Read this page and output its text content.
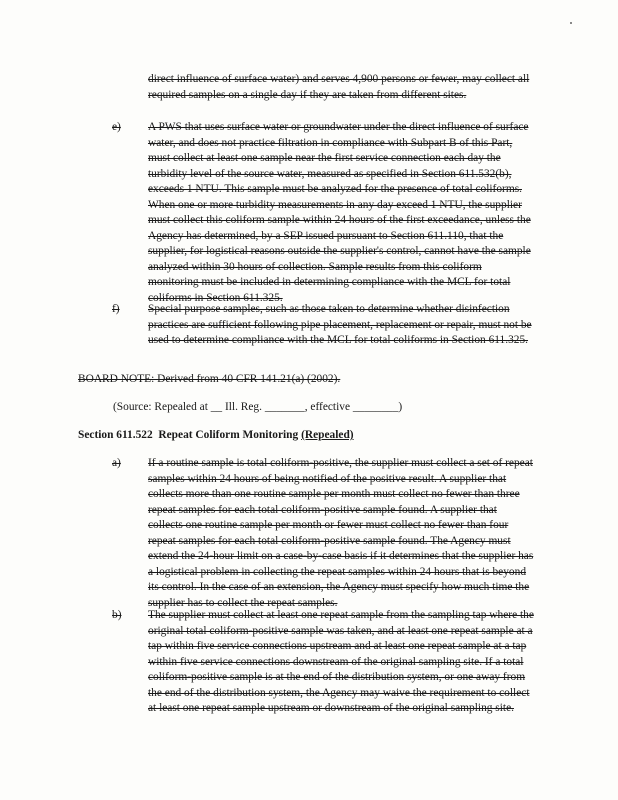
direct influence of surface water) and serves 4,900 persons or fewer, may collect all required samples on a single day if they are taken from different sites.
e) A PWS that uses surface water or groundwater under the direct influence of surface water, and does not practice filtration in compliance with Subpart B of this Part, must collect at least one sample near the first service connection each day the turbidity level of the source water, measured as specified in Section 611.532(b), exceeds 1 NTU. This sample must be analyzed for the presence of total coliforms. When one or more turbidity measurements in any day exceed 1 NTU, the supplier must collect this coliform sample within 24 hours of the first exceedance, unless the Agency has determined, by a SEP issued pursuant to Section 611.110, that the supplier, for logistical reasons outside the supplier's control, cannot have the sample analyzed within 30 hours of collection. Sample results from this coliform monitoring must be included in determining compliance with the MCL for total coliforms in Section 611.325.
f) Special purpose samples, such as those taken to determine whether disinfection practices are sufficient following pipe placement, replacement or repair, must not be used to determine compliance with the MCL for total coliforms in Section 611.325.
BOARD NOTE: Derived from 40 CFR 141.21(a) (2002).
(Source: Repealed at __ Ill. Reg. _______, effective ________)
Section 611.522 Repeat Coliform Monitoring (Repealed)
a) If a routine sample is total coliform-positive, the supplier must collect a set of repeat samples within 24 hours of being notified of the positive result. A supplier that collects more than one routine sample per month must collect no fewer than three repeat samples for each total coliform-positive sample found. A supplier that collects one routine sample per month or fewer must collect no fewer than four repeat samples for each total coliform-positive sample found. The Agency must extend the 24-hour limit on a case-by-case basis if it determines that the supplier has a logistical problem in collecting the repeat samples within 24 hours that is beyond its control. In the case of an extension, the Agency must specify how much time the supplier has to collect the repeat samples.
b) The supplier must collect at least one repeat sample from the sampling tap where the original total coliform-positive sample was taken, and at least one repeat sample at a tap within five service connections upstream and at least one repeat sample at a tap within five service connections downstream of the original sampling site. If a total coliform-positive sample is at the end of the distribution system, or one away from the end of the distribution system, the Agency may waive the requirement to collect at least one repeat sample upstream or downstream of the original sampling site.
